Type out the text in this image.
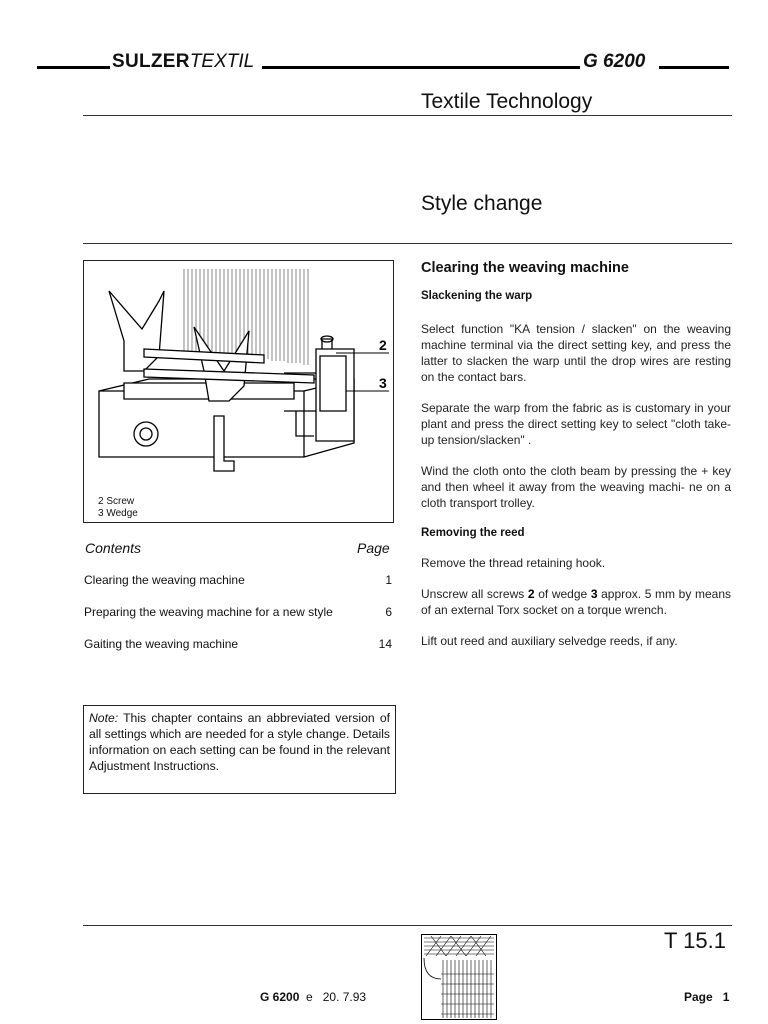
SULZERTEXTIL	G 6200
Textile Technology
Style change
2
3
2 Screw
3 Wedge
Contents	Page
Clearing the weaving machine	1
Preparing the weaving machine for a new style	6
Gaiting the weaving machine	14
Note: This chapter contains an abbreviated version of all settings which are needed for a style change. Details information on each setting can be found in the relevant Adjustment Instructions.
Clearing the weaving machine
Slackening the warp

Select function "KA tension / slacken" on the weaving machine terminal via the direct setting key, and press the latter to slacken the warp until the drop wires are resting on the contact bars.

Separate the warp from the fabric as is customary in your plant and press the direct setting key to select "cloth take-up tension/slacken" .

Wind the cloth onto the cloth beam by pressing the + key and then wheel it away from the weaving machi- ne on a cloth transport trolley.

Removing the reed

Remove the thread retaining hook.

Unscrew all screws 2 of wedge 3 approx. 5 mm by means of an external Torx socket on a torque wrench.

Lift out reed and auxiliary selvedge reeds, if any.

T 15.1
G 6200  e   20. 7.93	Page 1
